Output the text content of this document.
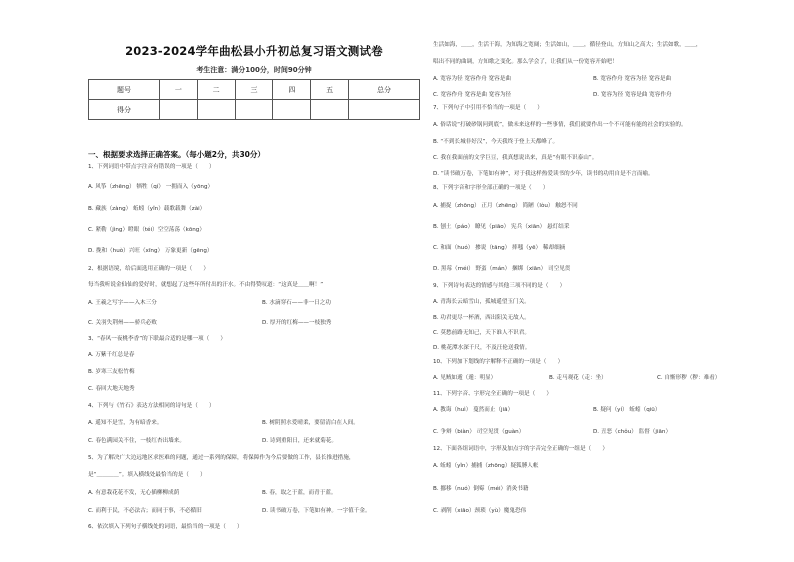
2023-2024学年曲松县小升初总复习语文测试卷
考生注意：满分100分，时间90分钟
题号	一	二	三	四	五	总分
得分						
一、根据要求选择正确答案。（每小题2分，共30分）
1、下列词语中带点字注音有错误的一项是（　　）
A. 风筝（zhēng） 牺牲（qí） 一拥而入（yōng）
B. 藏族（zàng） 蚯蚓（yǐn）载歌载舞（zài）
C. 紧勒（jìng）瞪眼（téi）空空荡荡（kōng）
D. 挽和（huò）兴旺（xīng） 万象更新（gēng）
2、根据语境，给后面选用正确的一项是（　　）
每当我听说金仙仙的爱好时，就想起了这些年所付出的汗水。不由得赞叹道：“这真是＿＿啊！”
A. 王羲之写字——入木三分
C. 关羽失荆州——骄兵必败
3、“春风一夜桃李香”的下联最合适的是哪一项（　　）
A. 万紫千红总是春
B. 岁寒三友松竹梅
C. 春回大地天地秀
4、下列与《竹石》表达方法相同的诗句是（　　）
A. 遥知不是雪，为有暗香来。
C. 春色满园关不住，一枝红杏出墙来。
5、为了解决广大边远地区求医难的问题，通过一系列的保障，将保障作为今后要做的工作，县长推进措施，
是“＿＿＿＿”。填入横线处最恰当的是（　　）
A. 有意栽花花不发，无心插柳柳成荫
C. 而利于民，不必法古；而同于事，不必循旧
6、依次填入下列句子横线处的词语，最恰当的一项是（　　）
B. 水滴穿石——非一日之功
D. 厚开的红梅——一枝独秀
B. 树阴照水爱晴柔，要留清白在人间。
D. 诗到重阳日，还来就菊花。
B. 春，取之于蓝，而青于蓝。
D. 读书破万卷，下笔如有神。一字值千金。
生活如海，＿＿，生活干海，为知海之宽阔；生活如山，＿＿，循径登山，方知山之高大；生活如歌，＿＿，
唱出不同的曲调，方知歌之变化。那么学会了，让我们从一份宽容开始吧！
A. 宽容为径 宽容作舟 宽容是曲
C. 宽容作舟 宽容是曲 宽容为径
7、下列句子中引用不恰当的一项是（　　）
A. 俗话说“打破砂锅问到底”，做未来这样的一些事情，我们就要作出一个不可能有能的社会的实验的。
B. “不到长城非好汉”，今天我终于登上天都峰了。
C. 我在我面前的文学巨豆，我真想说出来，真是“有眼不识泰山”。
D. “读书破万卷，下笔如有神”，对于我这样热爱读书的少年，读书的功用自是不言而喻。
8、下列字音和字形全部正确的一项是（　　）
A. 捕捉（zhōng） 正月（zhēng） 简陋（lòu） 触怒不同
B. 刨土（páo） 瞭见（piāo） 宪兵（xiān） 悬灯结采
C. 和面（huó） 掺说（tāng） 摔嗤（yē） 稀却细摘
D. 黑莓（méi） 野蛮（mán） 捆绑（xiān） 司空见贯
9、下列诗句表达的情感与其他三项不同的是（　　）
A. 青海长云暗雪山，孤城遥望玉门关。
B. 功君更尽一杯酒，西出阳关无故人。
C. 莫愁前路无知己，天下谁人不识君。
D. 桃花潭水深千尺，不及汪伦送我情。
10、下列加下划线的字解释不正确的一项是（　　）
A. 见贼如遁（遁：明显）
11、下列字音、字形完全正确的一项是（　　）
A. 教诲（huì） 蔓然而止（jiā）
C. 争辩（biàn） 司空见贯（guàn）
12、下面各组词语中，字形及加点字的字音完全正确的一组是（　　）
A. 蚯蚓（yǐn）捕捕（zhōng）疑狐膊人帐
B. 挪移（nuó）倒霉（méi）消灸书籍
C. 剥削（xiāo）颈琐（yù）魔鬼恐伟
B. 宽容作舟 宽容为径 宽容是曲
D. 宽容为径 宽容是曲 宽容作舟
B. 走马观花（走：坐）	C. 自惭形秽（秽：难看）
B. 疑问（yí） 蚯蚓（qiū）
D. 丑恶（chǒu） 监督（jiān）
